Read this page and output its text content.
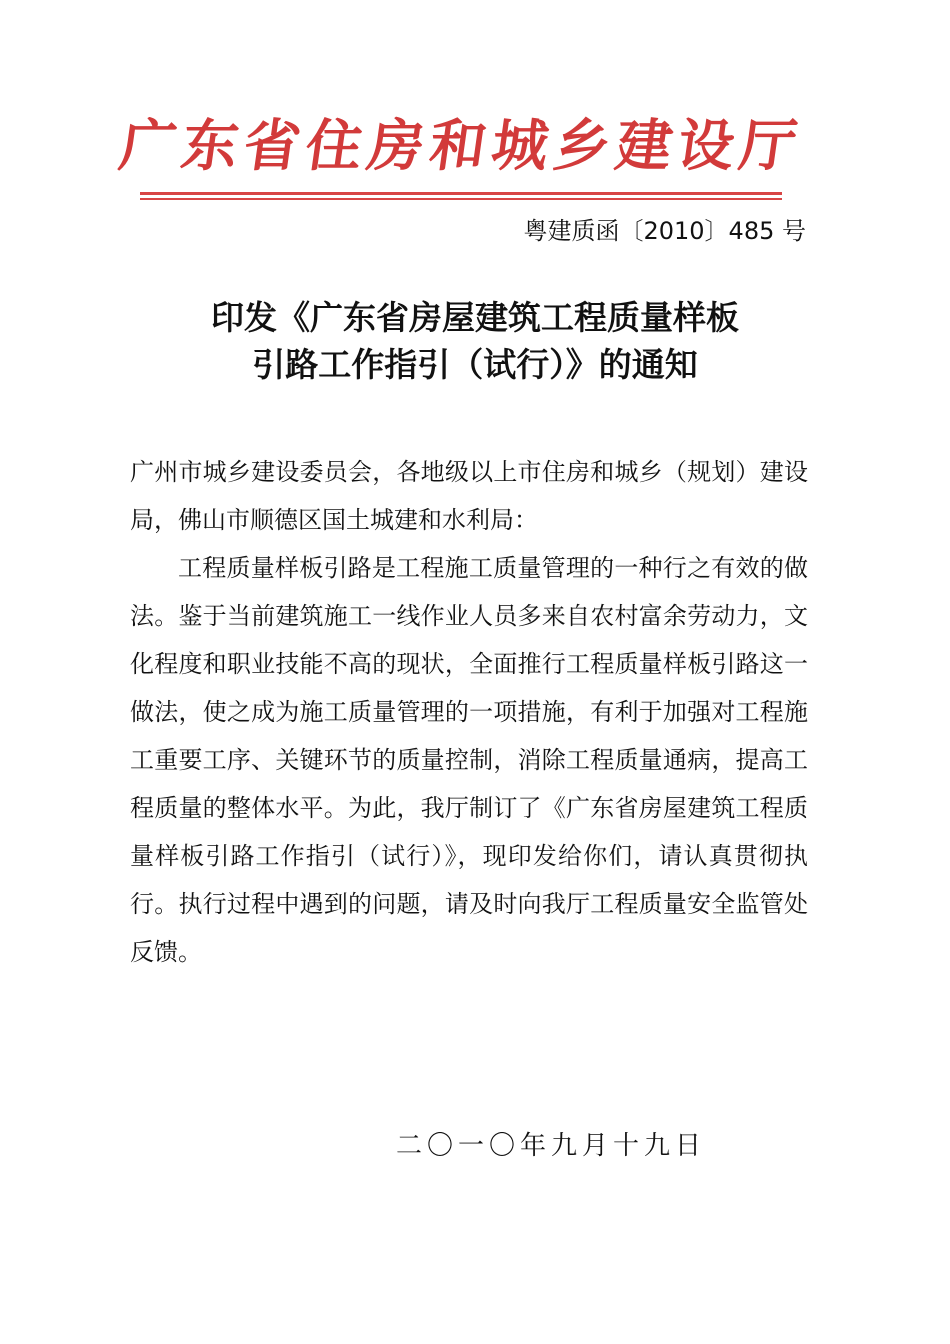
广东省住房和城乡建设厅
粤建质函〔2010〕485 号
印发《广东省房屋建筑工程质量样板
引路工作指引（试行）》的通知

广州市城乡建设委员会，各地级以上市住房和城乡（规划）建设局，佛山市顺德区国土城建和水利局：

工程质量样板引路是工程施工质量管理的一种行之有效的做法。鉴于当前建筑施工一线作业人员多来自农村富余劳动力，文化程度和职业技能不高的现状，全面推行工程质量样板引路这一做法，使之成为施工质量管理的一项措施，有利于加强对工程施工重要工序、关键环节的质量控制，消除工程质量通病，提高工程质量的整体水平。为此，我厅制订了《广东省房屋建筑工程质量样板引路工作指引（试行）》，现印发给你们，请认真贯彻执行。执行过程中遇到的问题，请及时向我厅工程质量安全监管处反馈。

二〇一〇年九月十九日
